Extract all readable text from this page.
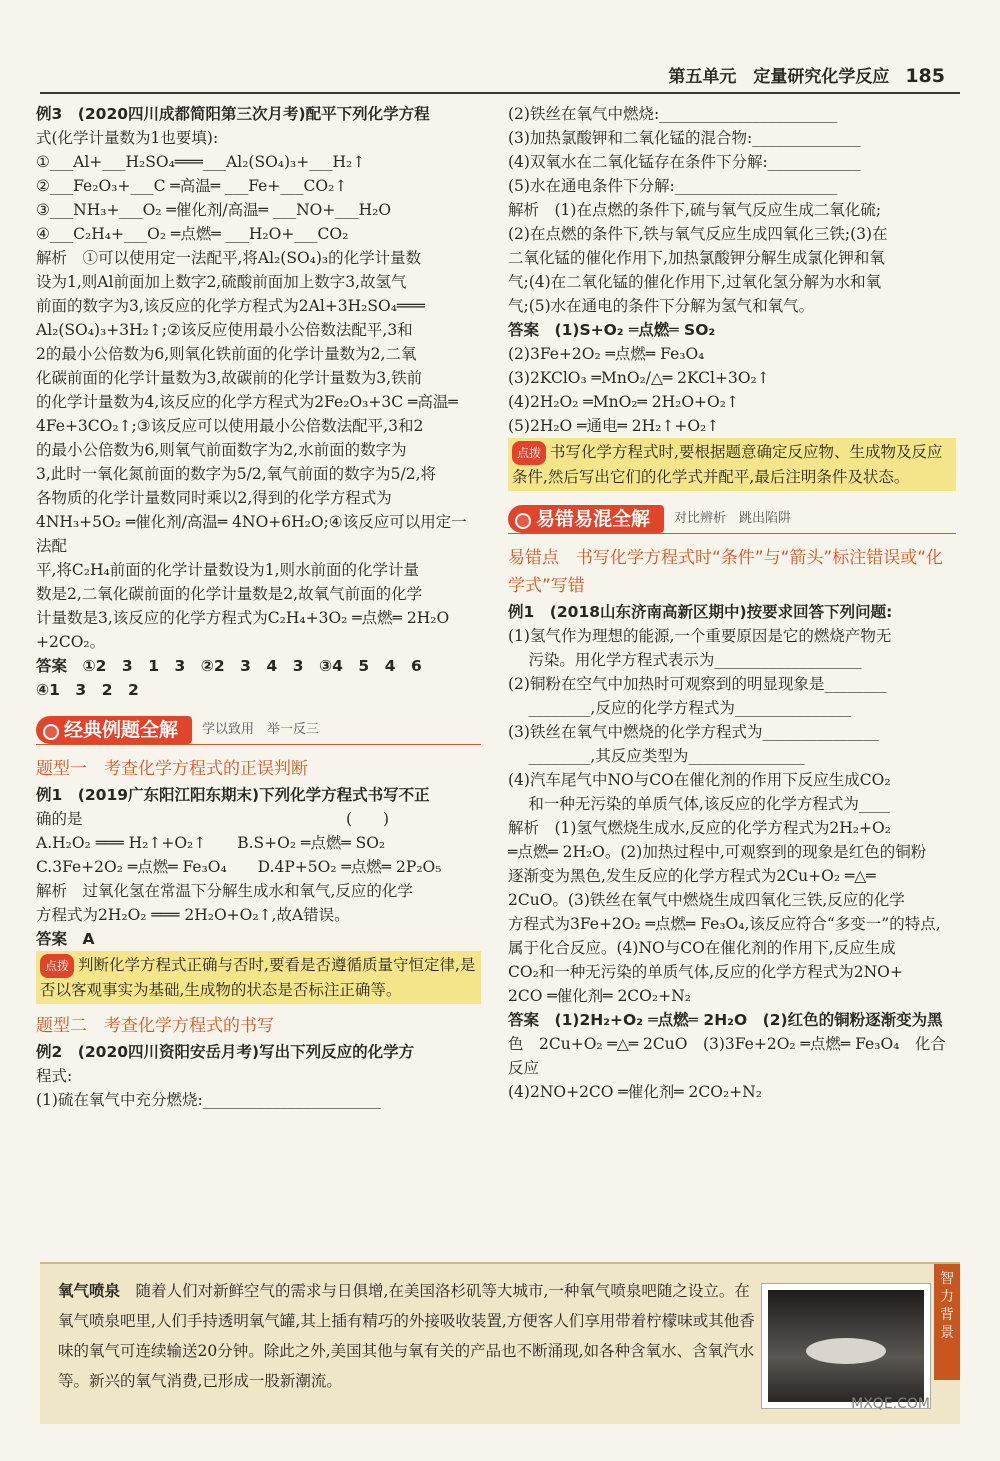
第五单元　定量研究化学反应 185

例3　(2020四川成都简阳第三次月考)配平下列化学方程

式(化学计量数为1也要填):

①___Al+___H₂SO₄═══___Al₂(SO₄)₃+___H₂↑

②___Fe₂O₃+___C ═高温═ ___Fe+___CO₂↑

③___NH₃+___O₂ ═催化剂/高温═ ___NO+___H₂O

④___C₂H₄+___O₂ ═点燃═ ___H₂O+___CO₂

解析　①可以使用定一法配平,将Al₂(SO₄)₃的化学计量数

设为1,则Al前面加上数字2,硫酸前面加上数字3,故氢气

前面的数字为3,该反应的化学方程式为2Al+3H₂SO₄═══

Al₂(SO₄)₃+3H₂↑;②该反应使用最小公倍数法配平,3和

2的最小公倍数为6,则氧化铁前面的化学计量数为2,二氧

化碳前面的化学计量数为3,故碳前的化学计量数为3,铁前

的化学计量数为4,该反应的化学方程式为2Fe₂O₃+3C ═高温═

4Fe+3CO₂↑;③该反应可以使用最小公倍数法配平,3和2

的最小公倍数为6,则氧气前面数字为2,水前面的数字为

3,此时一氧化氮前面的数字为5/2,氧气前面的数字为5/2,将

各物质的化学计量数同时乘以2,得到的化学方程式为

4NH₃+5O₂ ═催化剂/高温═ 4NO+6H₂O;④该反应可以用定一法配

平,将C₂H₄前面的化学计量数设为1,则水前面的化学计量

数是2,二氧化碳前面的化学计量数是2,故氧气前面的化学

计量数是3,该反应的化学方程式为C₂H₄+3O₂ ═点燃═ 2H₂O

+2CO₂。

答案　①2　3　1　3　②2　3　4　3　③4　5　4　6

④1　3　2　2

经典例题全解	学以致用　举一反三

题型一　考查化学方程式的正误判断

例1　(2019广东阳江阳东期末)下列化学方程式书写不正

确的是　　　　　　　　　　　　　　　　　(　　)

A.H₂O₂ ═══ H₂↑+O₂↑　　B.S+O₂ ═点燃═ SO₂

C.3Fe+2O₂ ═点燃═ Fe₃O₄　　D.4P+5O₂ ═点燃═ 2P₂O₅

解析　过氧化氢在常温下分解生成水和氧气,反应的化学

方程式为2H₂O₂ ═══ 2H₂O+O₂↑,故A错误。

答案　A

点拨 判断化学方程式正确与否时,要看是否遵循质量守恒定律,是否以客观事实为基础,生成物的状态是否标注正确等。

题型二　考查化学方程式的书写

例2　(2020四川资阳安岳月考)写出下列反应的化学方

程式:

(1)硫在氧气中充分燃烧:_______________________

(2)铁丝在氧气中燃烧:_______________________

(3)加热氯酸钾和二氧化锰的混合物:______________

(4)双氧水在二氧化锰存在条件下分解:____________

(5)水在通电条件下分解:_____________________

解析　(1)在点燃的条件下,硫与氧气反应生成二氧化硫;

(2)在点燃的条件下,铁与氧气反应生成四氧化三铁;(3)在

二氧化锰的催化作用下,加热氯酸钾分解生成氯化钾和氧

气;(4)在二氧化锰的催化作用下,过氧化氢分解为水和氧

气;(5)水在通电的条件下分解为氢气和氧气。

答案　(1)S+O₂ ═点燃═ SO₂

(2)3Fe+2O₂ ═点燃═ Fe₃O₄

(3)2KClO₃ ═MnO₂/△═ 2KCl+3O₂↑

(4)2H₂O₂ ═MnO₂═ 2H₂O+O₂↑

(5)2H₂O ═通电═ 2H₂↑+O₂↑

点拨 书写化学方程式时,要根据题意确定反应物、生成物及反应条件,然后写出它们的化学式并配平,最后注明条件及状态。

易错易混全解	对比辨析　跳出陷阱

易错点　书写化学方程式时“条件”与“箭头”标注错误或“化学式”写错

例1　(2018山东济南高新区期中)按要求回答下列问题:

(1)氢气作为理想的能源,一个重要原因是它的燃烧产物无

　 污染。用化学方程式表示为___________________

(2)铜粉在空气中加热时可观察到的明显现象是________

　 ________,反应的化学方程式为_______________

(3)铁丝在氧气中燃烧的化学方程式为_______________

　 ________,其反应类型为_______________

(4)汽车尾气中NO与CO在催化剂的作用下反应生成CO₂

　 和一种无污染的单质气体,该反应的化学方程式为____

解析　(1)氢气燃烧生成水,反应的化学方程式为2H₂+O₂

═点燃═ 2H₂O。(2)加热过程中,可观察到的现象是红色的铜粉

逐渐变为黑色,发生反应的化学方程式为2Cu+O₂ ═△═

2CuO。(3)铁丝在氧气中燃烧生成四氧化三铁,反应的化学

方程式为3Fe+2O₂ ═点燃═ Fe₃O₄,该反应符合“多变一”的特点,

属于化合反应。(4)NO与CO在催化剂的作用下,反应生成

CO₂和一种无污染的单质气体,反应的化学方程式为2NO+

2CO ═催化剂═ 2CO₂+N₂

答案　(1)2H₂+O₂ ═点燃═ 2H₂O　(2)红色的铜粉逐渐变为黑

色　2Cu+O₂ ═△═ 2CuO　(3)3Fe+2O₂ ═点燃═ Fe₃O₄　化合反应

(4)2NO+2CO ═催化剂═ 2CO₂+N₂

氧气喷泉　 随着人们对新鲜空气的需求与日俱增,在美国洛杉矶等大城市,一种氧气喷泉吧随之设立。在氧气喷泉吧里,人们手持透明氧气罐,其上插有精巧的外接吸收装置,方便客人们享用带着柠檬味或其他香味的氧气可连续输送20分钟。除此之外,美国其他与氧有关的产品也不断涌现,如各种含氧水、含氧汽水等。新兴的氧气消费,已形成一股新潮流。
智力背景
MXQE.COM
